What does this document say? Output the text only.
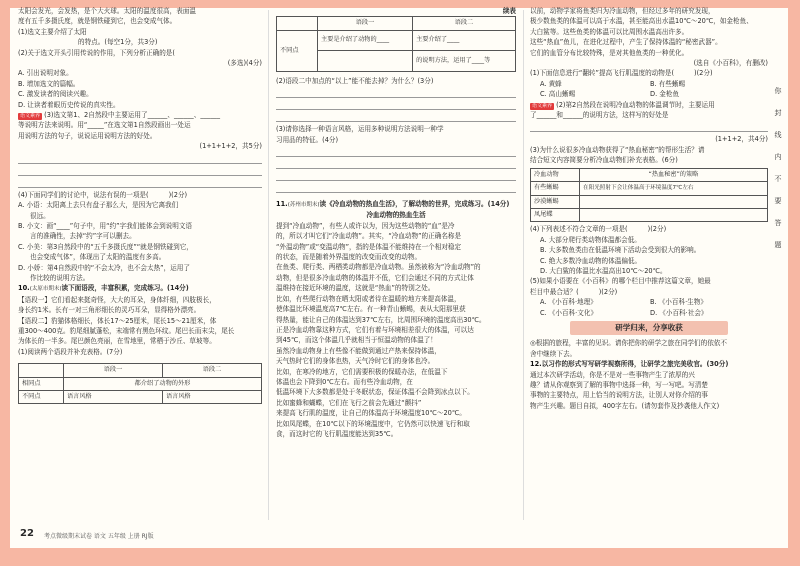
太阳会发光，会发热，是个大火球。太阳的温度很高，表面温
度有五千多摄氏度，就是钢铁碰到它，也会变成气体。
(1)选文主要介绍了太阳
的特点。(每空1分，共3分)
(2)关于选文开头引用传说的作用，下列分析正确的是(
(多选)(4分)
A. 引出说明对象。
B. 增加选文的篇幅。
C. 激发读者的阅读兴趣。
D. 让读者着眼历史传说的真实性。
语文素养 (3)选文第1、2自然段中主要运用了______、______、______
等说明方法来说明。用“_____”在选文第1自然段画出一处运
用说明方法的句子，说说运用说明方法的好处。
(1+1+1+2，共5分)
(4)下面同学们的讨论中，说法有误的一项是(	)(2分)
A. 小语：太阳离上去只有盘子那么大，是因为它离我们
很远。
B. 小文：画“____”句子中，用“约”字我们能体会到说明文语
言的准确性，去掉“约”字可以删去。
C. 小美：第3自然段中的“五千多摄氏度”“就是钢铁碰到它，
也会变成气体”，体现出了太阳的温度有多高。
D. 小娇：第4自然段中的“不会太冷，也不会太热”，运用了
作比较的说明方法。
10.(太原市期末)读下面语段，丰富积累，完成练习。(14分)
【语段一】它们看起来挺奇怪，大大的耳朵，身体纤细，四肢极长，
身长约1米。长有一对三角形细长的灵巧耳朵，显得格外漂亮。
【语段二】豹猫体格细长，体长17～25厘米，尾长15～21厘米，体
重300～400克。豹尾细腻蓬松，末端常有黑色环纹。尾巴长而末尖，尾长
为体长的一半多。尾巴颜色亮丽，在雪地里，常栖于沙丘、草坡等。
(1)阅读两个语段并补充表格。(7分)
	语段一	语段二
相同点	都介绍了动物的外形	
不同点	语言风格	语言风格
22 考点微级期末试卷 语文 五年级 上册 RJ版
续表
	语段一	语段二
不同点	主要是介绍了动物的____	主要介绍了____
		的说明方法，运用了____等
(2)语段二中加点的“以上”能不能去掉？为什么？(3分)
(3)请你选择一种语言风格，运用多种说明方法说明一种学
习用品的特征。(4分)
11.(苏州市期末)读《冷血动物的热血生活》，了解动物的世界，完成练习。(14分)
冷血动物的热血生活
提到“冷血动物”，有些人或许以为，因为这些动物的“血”是冷
的，所以才叫它们“冷血动物”。其实，“冷血动物”的正确名称是
“外温动物”或“变温动物”，指的是体温不能维持在一个相对稳定
的状态，而是随着外界温度的改变而改变的动物。
在鱼类、爬行类、两栖类动物都是冷血动物。虽然被称为“冷血动物”的
动物，但是很多冷血动物的体温并不低，它们会通过不同的方式让体
温维持在接近环境的温度，这就是“热血”的特别之处。
比如，有些爬行动物在晒太阳或者待在温暖的地方来提高体温，
使体温比环境温度高7℃左右。有一种青山蜥蜴，表从太阳那里获
得热量，能让自己的体温达到37℃左右，比周围环境的温度高出30℃。
正是冷血动物靠这种方式，它们有着与环境相差很大的体温，可以达
到45℃，而这个体温几乎就相当于恒温动物的体温了！
虽然冷血动物身上有些像不能做到通过产热来保持体温，
天气热时它们的身体也热，天气冷时它们的身体也冷。
比如，在寒冷的地方，它们需要积极的保暖办法，在低温下
体温也会下降到0℃左右。而有些冷血动物，在
低温环境下大多数都是处于冬眠状态，保证体温不会降到冰点以下。
比如蜜蜂和蝴蝶，它们在飞行之前会先通过“颤抖”
来提高飞行肌的温度，让自己的体温高于环境温度10℃～20℃。
比如凤尾蝶，在10℃以下的环境温度中，它仍然可以快速飞行和取
食，而这时它的飞行肌温度能达到35℃。
以前，动物学家将鱼类归为冷血动物，但经过多年的研究发现，
极少数鱼类的体温可以高于水温，甚至能高出水温10℃～20℃，如金枪鱼、
大白鲨等。这些鱼类的体温可以比周围水温高出许多。
这些“热血”鱼儿，在进化过程中，产生了保持体温的“秘密武器”。
它们的血管分布比较特殊，是对其他鱼类的一种优化。
(选自《小百科》，有删改)
(1)下面信息进行“翻转”提高飞行肌温度的动物是(	)(2分)
A. 黄蜂	B. 有些蜥蜴
C. 高山蜥蜴	D. 金枪鱼
语文素养 (2)第2自然段在说明冷血动物的体温调节时，主要运用
了______和______的说明方法，这样写的好处是
(1+1+2，共4分)
(3)为什么说很多冷血动物获得了“热血秘密”的帮形生活？请
结合短文内容简要分析冷血动物们补充表格。(6分)
冷血动物	“热血秘密”的策略
有些蜥蜴	在阳光照射下会让体温高于环境温度7℃左右
沙漠蜥蜴	
凤尾蝶	
(4)下列表述不符合文章的一项是(	)(2分)
A. 大部分爬行类动物体温都会低。
B. 大多数鱼类由在低温环境下活动会受到很大的影响。
C. 绝大多数冷血动物的体温偏低。
D. 大白鲨的体温比水温高出10℃～20℃。
(5)如果小语要在《小百科》的哪个栏目中推荐这篇文章，她最
栏目中最合适？(	)(2分)
A. 《小百科·地理》	B. 《小百科·生物》
C. 《小百科·文化》	D. 《小百科·社会》
研学归来，分享收获
◎根据的旅程，丰富的见识。请你把你的研学之旅在同学们的依依不
舍中继续下去。
12.以习作的形式写写研学视察所得，让研学之旅完美收官。(30分)
通过本次研学活动，你是不是对一些事物产生了浓厚的兴
趣？请从你观察到了解的事物中选择一种，写一写吧。写清楚
事物的主要特点，用上恰当的说明方法，让别人对你介绍的事
物产生兴趣。题目自拟，400字左右。(请勿套作及抄袭他人作文)
你
封
线
内
不
要
答
题
